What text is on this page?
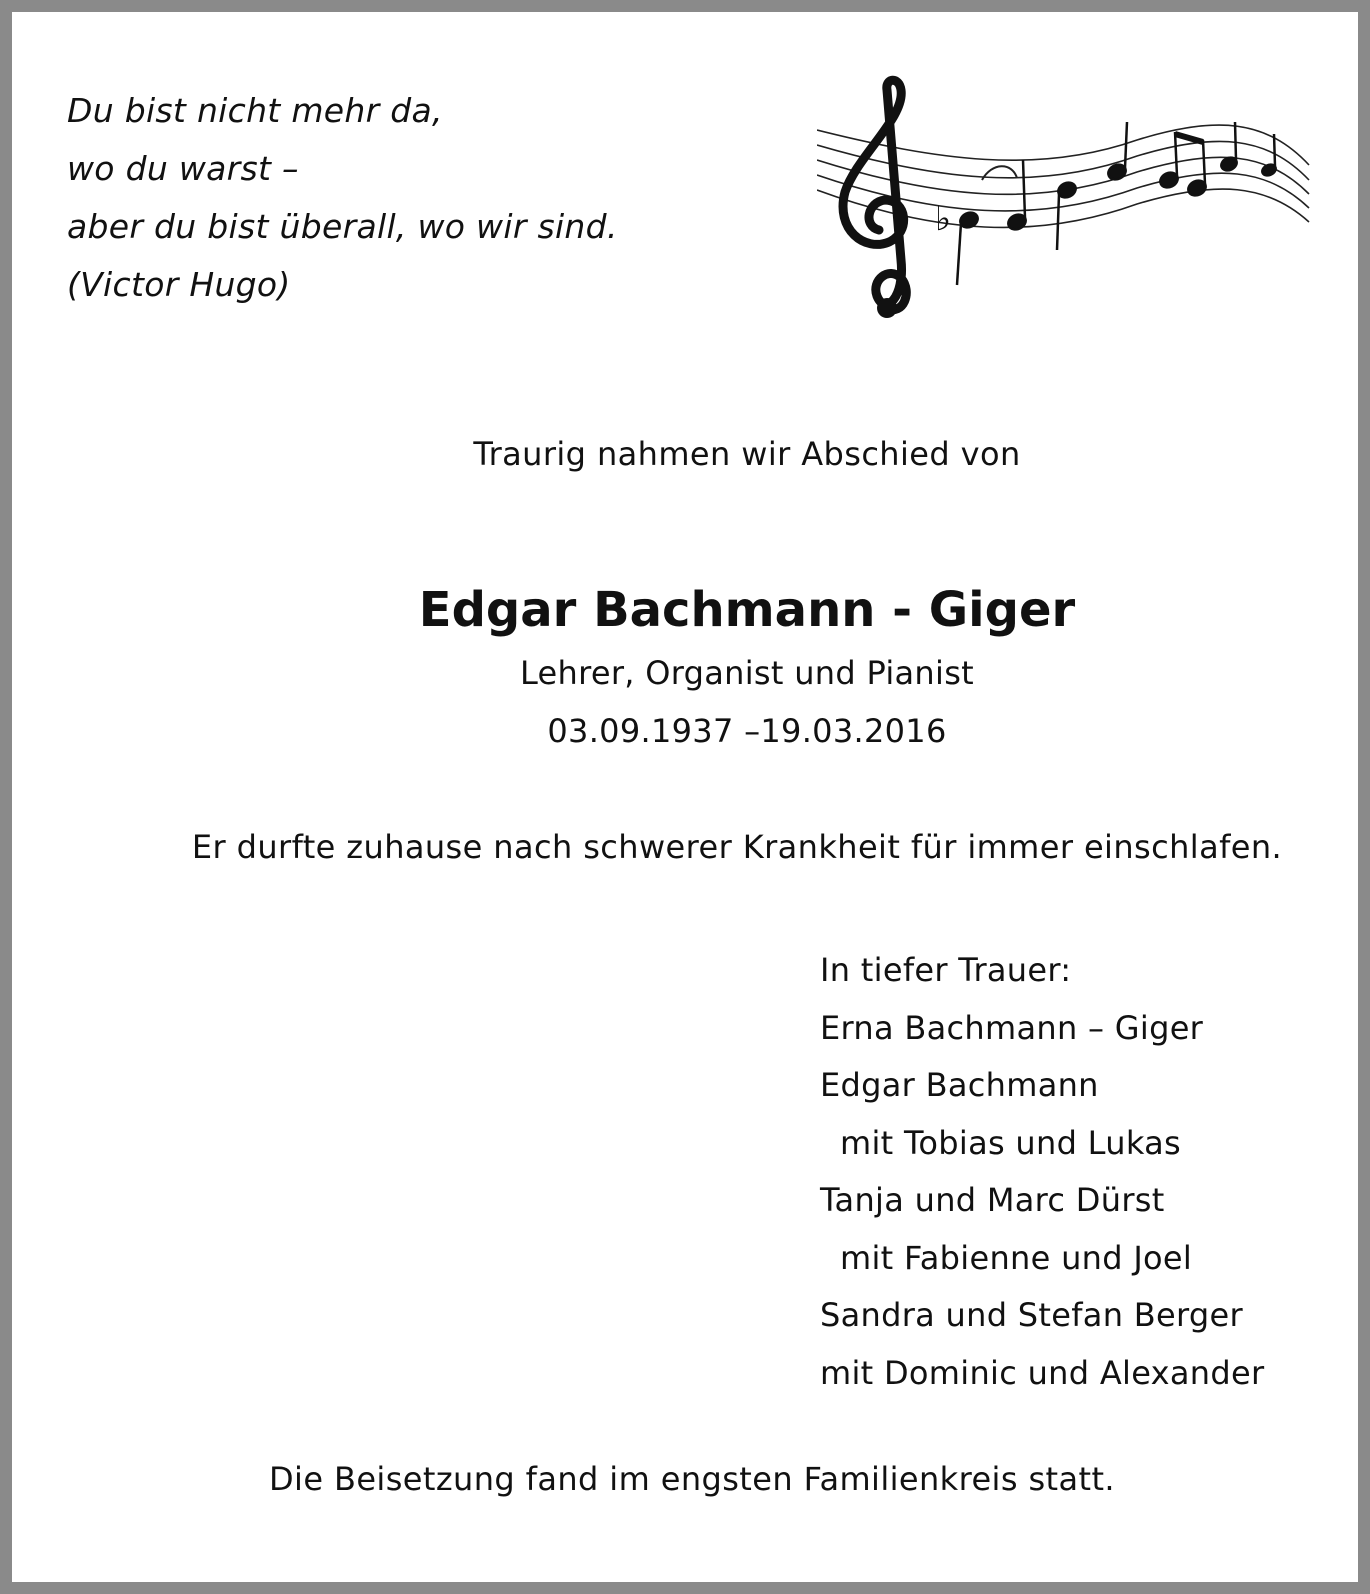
Du bist nicht mehr da,
wo du warst –
aber du bist überall, wo wir sind.
(Victor Hugo)
♭
Traurig nahmen wir Abschied von
Edgar Bachmann - Giger
Lehrer, Organist und Pianist
03.09.1937 –19.03.2016
Er durfte zuhause nach schwerer Krankheit für immer einschlafen.
In tiefer Trauer:
Erna Bachmann – Giger
Edgar Bachmann
mit Tobias und Lukas
Tanja und Marc Dürst
mit Fabienne und Joel
Sandra und Stefan Berger
mit Dominic und Alexander
Die Beisetzung fand im engsten Familienkreis statt.
